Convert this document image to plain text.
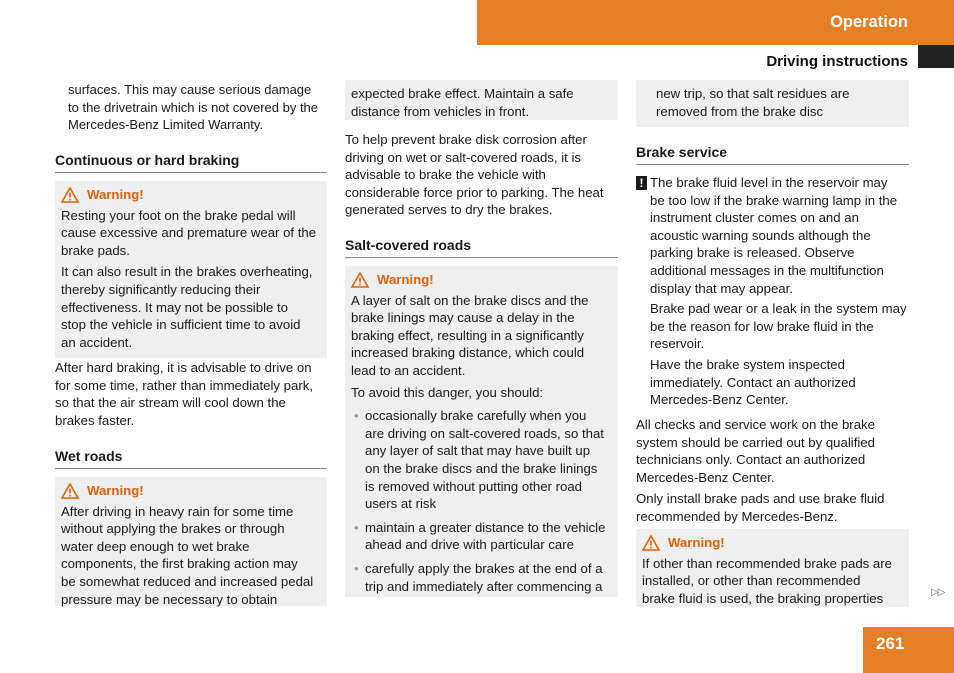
Operation
Driving instructions
surfaces. This may cause serious damage
to the drivetrain which is not covered by the
Mercedes-Benz Limited Warranty.

Continuous or hard braking

Warning!
Resting your foot on the brake pedal will
cause excessive and premature wear of the
brake pads.
It can also result in the brakes overheating,
thereby significantly reducing their
effectiveness. It may not be possible to
stop the vehicle in sufficient time to avoid
an accident.
After hard braking, it is advisable to drive on
for some time, rather than immediately park,
so that the air stream will cool down the
brakes faster.

Wet roads

Warning!
After driving in heavy rain for some time
without applying the brakes or through
water deep enough to wet brake
components, the first braking action may
be somewhat reduced and increased pedal
pressure may be necessary to obtain
expected brake effect. Maintain a safe
distance from vehicles in front.
To help prevent brake disk corrosion after
driving on wet or salt-covered roads, it is
advisable to brake the vehicle with
considerable force prior to parking. The heat
generated serves to dry the brakes.

Salt-covered roads

Warning!
A layer of salt on the brake discs and the
brake linings may cause a delay in the
braking effect, resulting in a significantly
increased braking distance, which could
lead to an accident.
To avoid this danger, you should:
• occasionally brake carefully when you
are driving on salt-covered roads, so that
any layer of salt that may have built up
on the brake discs and the brake linings
is removed without putting other road
users at risk
• maintain a greater distance to the vehicle
ahead and drive with particular care
• carefully apply the brakes at the end of a
trip and immediately after commencing a
new trip, so that salt residues are
removed from the brake disc

Brake service

! The brake fluid level in the reservoir may
be too low if the brake warning lamp in the
instrument cluster comes on and an
acoustic warning sounds although the
parking brake is released. Observe
additional messages in the multifunction
display that may appear.
Brake pad wear or a leak in the system may
be the reason for low brake fluid in the
reservoir.
Have the brake system inspected
immediately. Contact an authorized
Mercedes-Benz Center.
All checks and service work on the brake
system should be carried out by qualified
technicians only. Contact an authorized
Mercedes-Benz Center.
Only install brake pads and use brake fluid
recommended by Mercedes-Benz.
Warning!
If other than recommended brake pads are
installed, or other than recommended
brake fluid is used, the braking properties	▷▷
261
